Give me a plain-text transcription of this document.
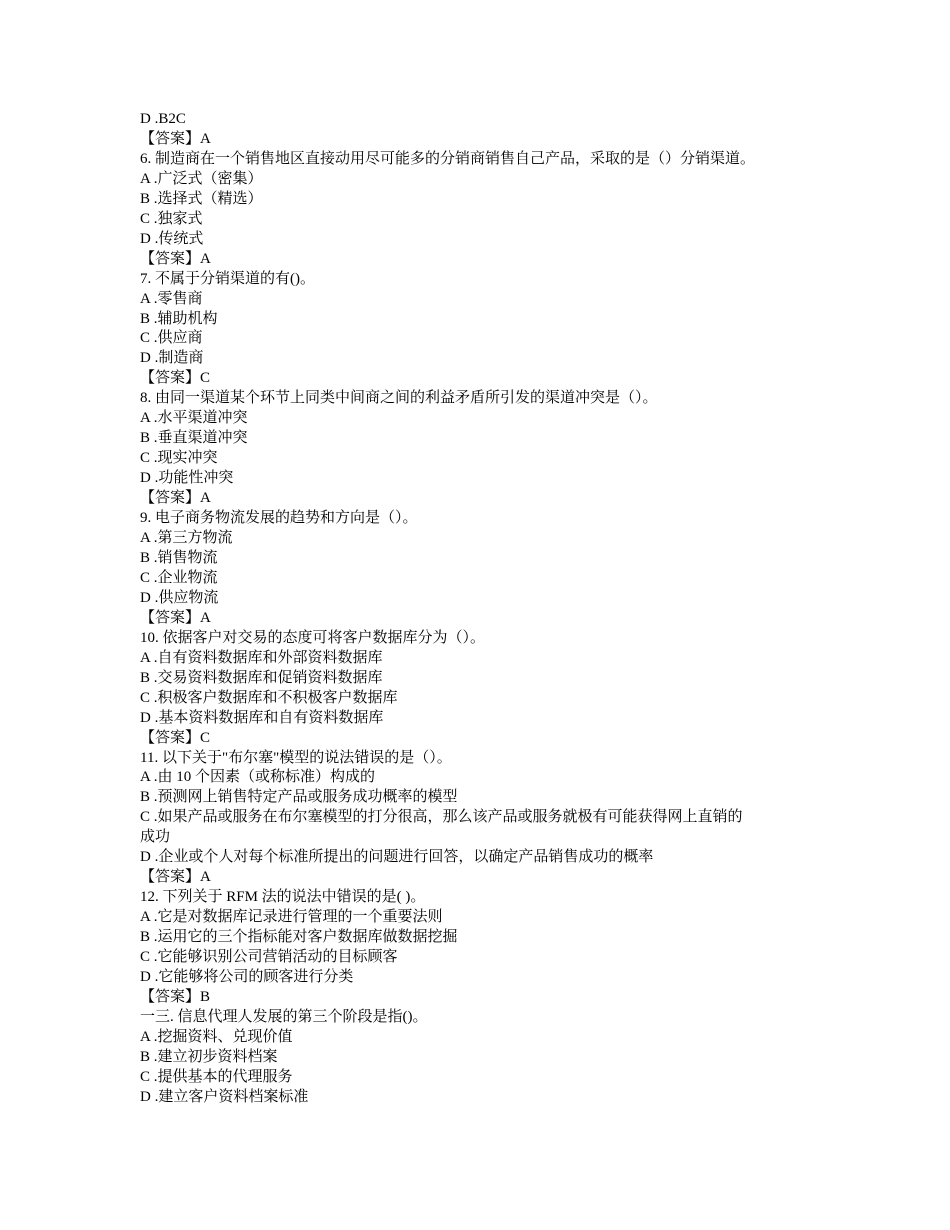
D .B2C
【答案】A
6. 制造商在一个销售地区直接动用尽可能多的分销商销售自己产品，采取的是（）分销渠道。
A .广泛式（密集）
B .选择式（精选）
C .独家式
D .传统式
【答案】A
7. 不属于分销渠道的有()。
A .零售商
B .辅助机构
C .供应商
D .制造商
【答案】C
8. 由同一渠道某个环节上同类中间商之间的利益矛盾所引发的渠道冲突是（）。
A .水平渠道冲突
B .垂直渠道冲突
C .现实冲突
D .功能性冲突
【答案】A
9. 电子商务物流发展的趋势和方向是（）。
A .第三方物流
B .销售物流
C .企业物流
D .供应物流
【答案】A
10. 依据客户对交易的态度可将客户数据库分为（）。
A .自有资料数据库和外部资料数据库
B .交易资料数据库和促销资料数据库
C .积极客户数据库和不积极客户数据库
D .基本资料数据库和自有资料数据库
【答案】C
11. 以下关于"布尔塞"模型的说法错误的是（）。
A .由 10 个因素（或称标准）构成的
B .预测网上销售特定产品或服务成功概率的模型
C .如果产品或服务在布尔塞模型的打分很高，那么该产品或服务就极有可能获得网上直销的
成功
D .企业或个人对每个标准所提出的问题进行回答，以确定产品销售成功的概率
【答案】A
12. 下列关于 RFM 法的说法中错误的是( )。
A .它是对数据库记录进行管理的一个重要法则
B .运用它的三个指标能对客户数据库做数据挖掘
C .它能够识别公司营销活动的目标顾客
D .它能够将公司的顾客进行分类
【答案】B
一三. 信息代理人发展的第三个阶段是指()。
A .挖掘资料、兑现价值
B .建立初步资料档案
C .提供基本的代理服务
D .建立客户资料档案标准
